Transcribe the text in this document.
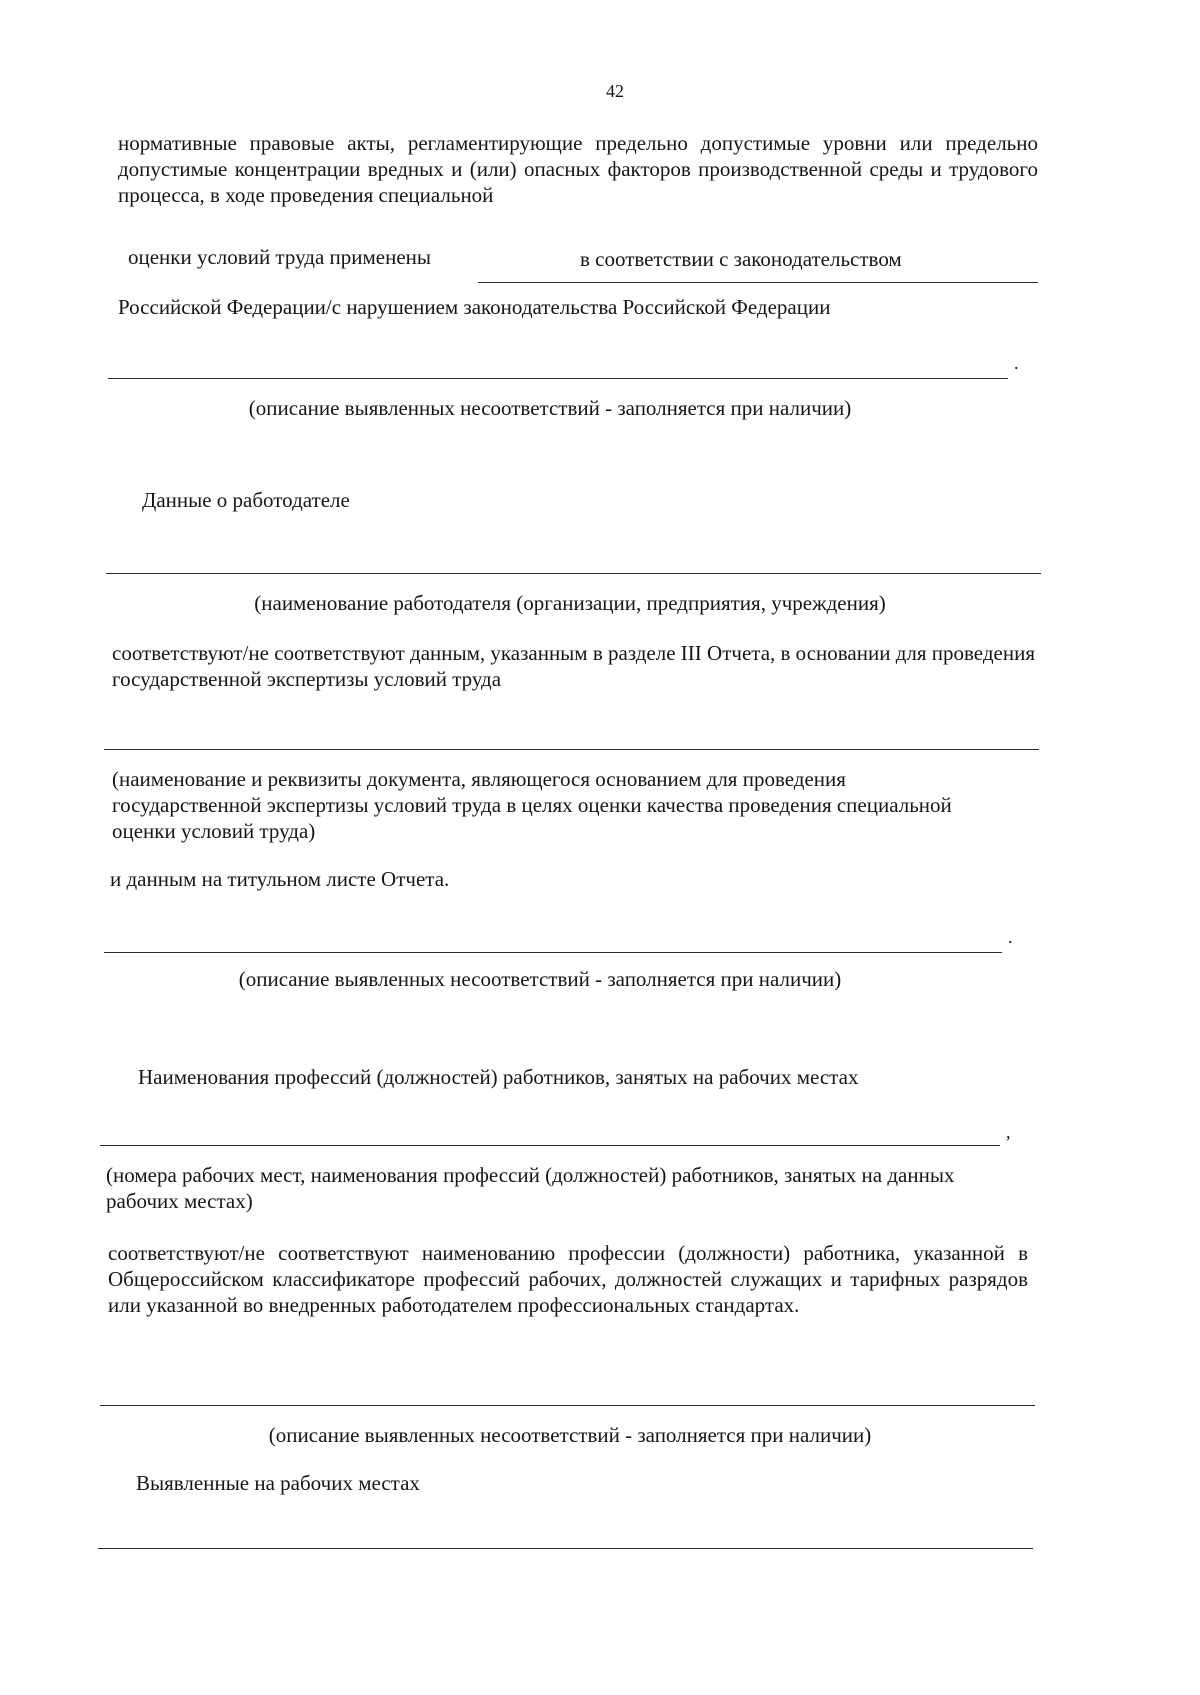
42
нормативные правовые акты, регламентирующие предельно допустимые уровни или предельно допустимые концентрации вредных и (или) опасных факторов производственной среды и трудового процесса, в ходе проведения специальной
оценки условий труда применены	в соответствии с законодательством
Российской Федерации/с нарушением законодательства Российской Федерации
.
(описание выявленных несоответствий - заполняется при наличии)
Данные о работодателе
(наименование работодателя (организации, предприятия, учреждения)
соответствуют/не соответствуют данным, указанным в разделе III Отчета, в основании для проведения государственной экспертизы условий труда
(наименование и реквизиты документа, являющегося основанием для проведения государственной экспертизы условий труда в целях оценки качества проведения специальной оценки условий труда)
и данным на титульном листе Отчета.
.
(описание выявленных несоответствий - заполняется при наличии)
Наименования профессий (должностей) работников, занятых на рабочих местах
,
(номера рабочих мест, наименования профессий (должностей) работников, занятых на данных рабочих местах)
соответствуют/не соответствуют наименованию профессии (должности) работника, указанной в Общероссийском классификаторе профессий рабочих, должностей служащих и тарифных разрядов или указанной во внедренных работодателем профессиональных стандартах.
(описание выявленных несоответствий - заполняется при наличии)
Выявленные на рабочих местах
